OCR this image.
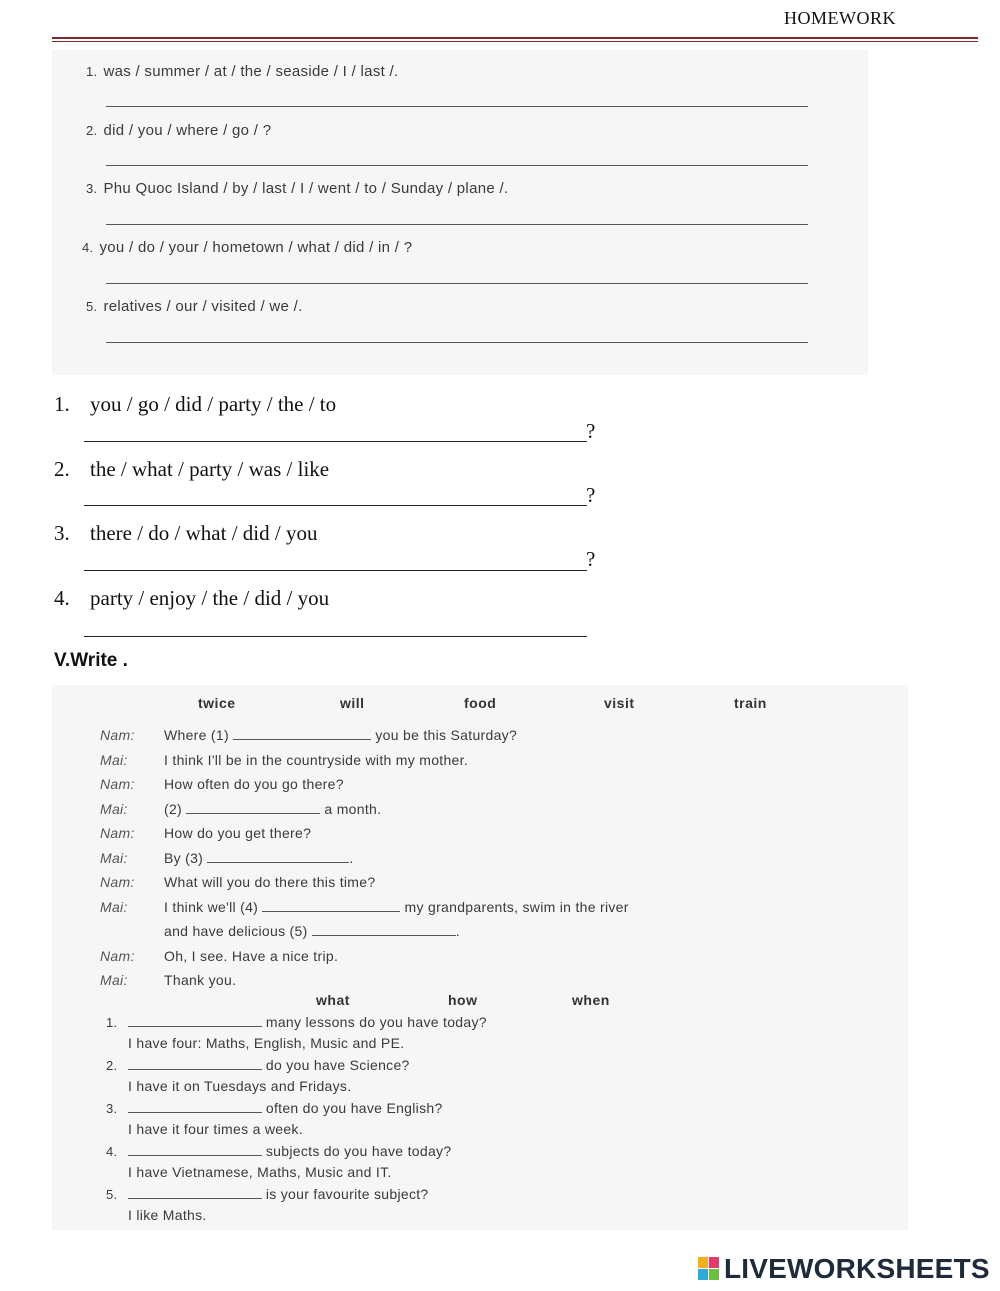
HOMEWORK
1. was / summer / at / the / seaside / I / last /.
2. did / you / where / go / ?
3. Phu Quoc Island / by / last / I / went / to / Sunday / plane /.
4. you / do / your / hometown / what / did / in / ?
5. relatives / our / visited / we /.
1. you / go / did / party / the / to
?
2. the / what / party / was / like
?
3. there / do / what / did / you
?
4. party / enjoy / the / did / you
V.Write .
twice	will	food	visit	train
Nam: Where (1)	you be this Saturday?
Mai:	I think I'll be in the countryside with my mother.
Nam: How often do you go there?
Mai:	(2)	a month.
Nam: How do you get there?
Mai:	By (3)	.
Nam: What will you do there this time?
Mai:	I think we'll (4)	my grandparents, swim in the river
and have delicious (5)	.
Nam: Oh, I see. Have a nice trip.
Mai:	Thank you.
what	how	when
1.	many lessons do you have today?
I have four: Maths, English, Music and PE.
2.	do you have Science?
I have it on Tuesdays and Fridays.
3.	often do you have English?
I have it four times a week.
4.	subjects do you have today?
I have Vietnamese, Maths, Music and IT.
5.	is your favourite subject?
I like Maths.
LIVEWORKSHEETS
